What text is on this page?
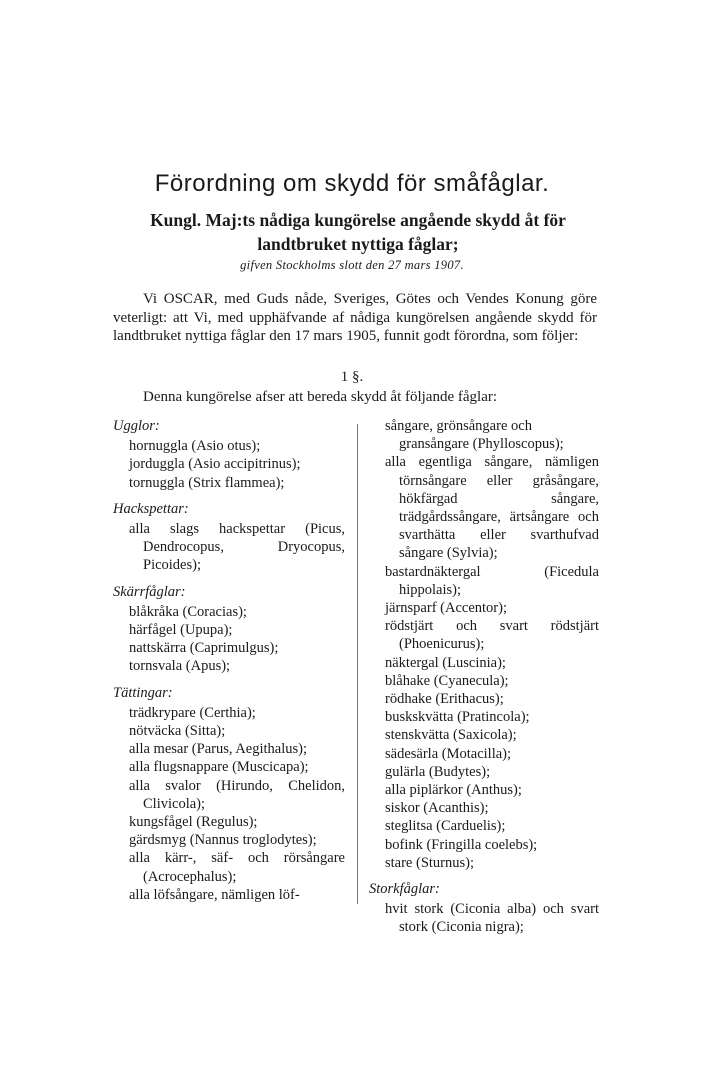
Förordning om skydd för småfåglar.
Kungl. Maj:ts nådiga kungörelse angående skydd åt för landtbruket nyttiga fåglar;
gifven Stockholms slott den 27 mars 1907.

Vi OSCAR, med Guds nåde, Sveriges, Götes och Vendes Konung göre veterligt: att Vi, med upphäfvande af nådiga kungörelsen angående skydd för landtbruket nyttiga fåglar den 17 mars 1905, funnit godt förordna, som följer:

1 §.
Denna kungörelse afser att bereda skydd åt följande fåglar:
Ugglor:
hornuggla (Asio otus);
jorduggla (Asio accipitrinus);
tornuggla (Strix flammea);
Hackspettar:
alla slags hackspettar (Picus, Dendrocopus, Dryocopus, Picoides);
Skärrfåglar:
blåkråka (Coracias);
härfågel (Upupa);
nattskärra (Caprimulgus);
tornsvala (Apus);
Tättingar:
trädkrypare (Certhia);
nötväcka (Sitta);
alla mesar (Parus, Aegithalus);
alla flugsnappare (Muscicapa);
alla svalor (Hirundo, Chelidon, Clivicola);
kungsfågel (Regulus);
gärdsmyg (Nannus troglodytes);
alla kärr-, säf- och rörsångare (Acrocephalus);
alla löfsångare, nämligen löf-
sångare, grönsångare och gransångare (Phylloscopus);
alla egentliga sångare, nämligen törnsångare eller gråsångare, hökfärgad sångare, trädgårdssångare, ärtsångare och svarthätta eller svarthufvad sångare (Sylvia);
bastardnäktergal (Ficedula hippolais);
järnsparf (Accentor);
rödstjärt och svart rödstjärt (Phoenicurus);
näktergal (Luscinia);
blåhake (Cyanecula);
rödhake (Erithacus);
buskskvätta (Pratincola);
stenskvätta (Saxicola);
sädesärla (Motacilla);
gulärla (Budytes);
alla piplärkor (Anthus);
siskor (Acanthis);
steglitsa (Carduelis);
bofink (Fringilla coelebs);
stare (Sturnus);
Storkfåglar:
hvit stork (Ciconia alba) och svart stork (Ciconia nigra);
